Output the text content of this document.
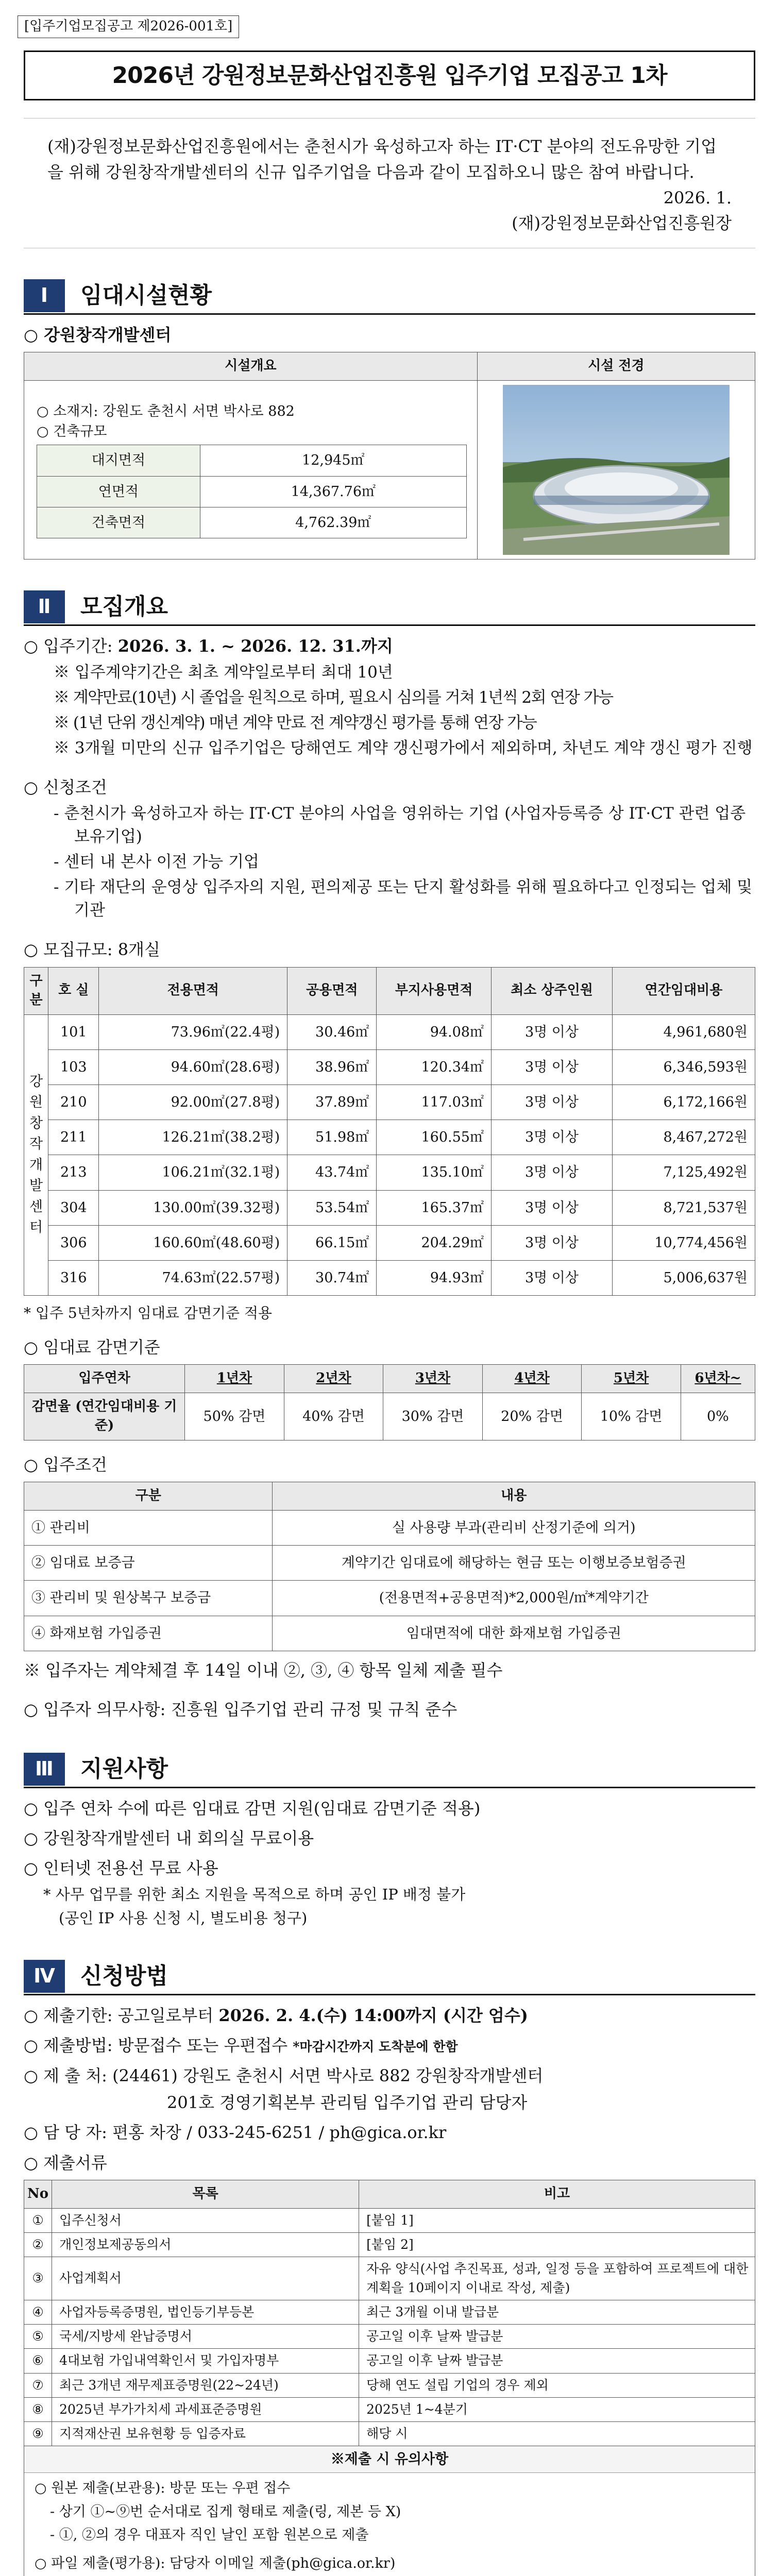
[입주기업모집공고 제2026-001호]
2026년 강원정보문화산업진흥원 입주기업 모집공고 1차

(재)강원정보문화산업진흥원에서는 춘천시가 육성하고자 하는 IT·CT 분야의 전도유망한 기업을 위해 강원창작개발센터의 신규 입주기업을 다음과 같이 모집하오니 많은 참여 바랍니다.

2026. 1.

(재)강원정보문화산업진흥원장

Ⅰ	임대시설현황
○ 강원창작개발센터
시설개요	시설 전경

○ 소재지: 강원도 춘천시 서면 박사로 882
○ 건축규모
대지면적	12,945㎡
연면적	14,367.76㎡
건축면적	4,762.39㎡

Ⅱ	모집개요
○ 입주기간: 2026. 3. 1. ~ 2026. 12. 31.까지
※ 입주계약기간은 최초 계약일로부터 최대 10년
※ 계약만료(10년) 시 졸업을 원칙으로 하며, 필요시 심의를 거쳐 1년씩 2회 연장 가능
※ (1년 단위 갱신계약) 매년 계약 만료 전 계약갱신 평가를 통해 연장 가능
※ 3개월 미만의 신규 입주기업은 당해연도 계약 갱신평가에서 제외하며, 차년도 계약 갱신 평가 진행
○ 신청조건
- 춘천시가 육성하고자 하는 IT·CT 분야의 사업을 영위하는 기업 (사업자등록증 상 IT·CT 관련 업종 보유기업)
- 센터 내 본사 이전 가능 기업
- 기타 재단의 운영상 입주자의 지원, 편의제공 또는 단지 활성화를 위해 필요하다고 인정되는 업체 및 기관
○ 모집규모: 8개실
구분	호 실	전용면적	공용면적	부지사용면적	최소 상주인원	연간임대비용
강원창작개발센터	101	73.96㎡(22.4평)	30.46㎡	94.08㎡	3명 이상	4,961,680원
	103	94.60㎡(28.6평)	38.96㎡	120.34㎡	3명 이상	6,346,593원
	210	92.00㎡(27.8평)	37.89㎡	117.03㎡	3명 이상	6,172,166원
	211	126.21㎡(38.2평)	51.98㎡	160.55㎡	3명 이상	8,467,272원
	213	106.21㎡(32.1평)	43.74㎡	135.10㎡	3명 이상	7,125,492원
	304	130.00㎡(39.32평)	53.54㎡	165.37㎡	3명 이상	8,721,537원
	306	160.60㎡(48.60평)	66.15㎡	204.29㎡	3명 이상	10,774,456원
	316	74.63㎡(22.57평)	30.74㎡	94.93㎡	3명 이상	5,006,637원
* 입주 5년차까지 임대료 감면기준 적용
○ 임대료 감면기준
입주연차	1년차	2년차	3년차	4년차	5년차	6년차~
감면율 (연간임대비용 기준)	50% 감면	40% 감면	30% 감면	20% 감면	10% 감면	0%
○ 입주조건
구분	내용
① 관리비	실 사용량 부과(관리비 산정기준에 의거)
② 임대료 보증금	계약기간 임대료에 해당하는 현금 또는 이행보증보험증권
③ 관리비 및 원상복구 보증금	(전용면적+공용면적)*2,000원/㎡*계약기간
④ 화재보험 가입증권	임대면적에 대한 화재보험 가입증권
※ 입주자는 계약체결 후 14일 이내 ②, ③, ④ 항목 일체 제출 필수
○ 입주자 의무사항: 진흥원 입주기업 관리 규정 및 규칙 준수
Ⅲ	지원사항
○ 입주 연차 수에 따른 임대료 감면 지원(임대료 감면기준 적용)
○ 강원창작개발센터 내 회의실 무료이용
○ 인터넷 전용선 무료 사용
* 사무 업무를 위한 최소 지원을 목적으로 하며 공인 IP 배정 불가
(공인 IP 사용 신청 시, 별도비용 청구)
Ⅳ	신청방법
○ 제출기한: 공고일로부터 2026. 2. 4.(수) 14:00까지 (시간 엄수)
○ 제출방법: 방문접수 또는 우편접수 *마감시간까지 도착분에 한함
○ 제 출 처: (24461) 강원도 춘천시 서면 박사로 882 강원창작개발센터
201호 경영기획본부 관리팀 입주기업 관리 담당자
○ 담 당 자: 편홍 차장 / 033-245-6251 / ph@gica.or.kr
○ 제출서류
No	목록	비고
①	입주신청서	[붙임 1]
②	개인정보제공동의서	[붙임 2]
③	사업계획서	자유 양식(사업 추진목표, 성과, 일정 등을 포함하여 프로젝트에 대한 계획을 10페이지 이내로 작성, 제출)
④	사업자등록증명원, 법인등기부등본	최근 3개월 이내 발급분
⑤	국세/지방세 완납증명서	공고일 이후 날짜 발급분
⑥	4대보험 가입내역확인서 및 가입자명부	공고일 이후 날짜 발급분
⑦	최근 3개년 재무제표증명원(22~24년)	당해 연도 설립 기업의 경우 제외
⑧	2025년 부가가치세 과세표준증명원	2025년 1~4분기
⑨	지적재산권 보유현황 등 입증자료	해당 시
※제출 시 유의사항

○ 원본 제출(보관용): 방문 또는 우편 접수

- 상기 ①~⑨번 순서대로 집게 형태로 제출(링, 제본 등 X)

- ①, ②의 경우 대표자 직인 날인 포함 원본으로 제출

○ 파일 제출(평가용): 담당자 이메일 제출(ph@gica.or.kr)
